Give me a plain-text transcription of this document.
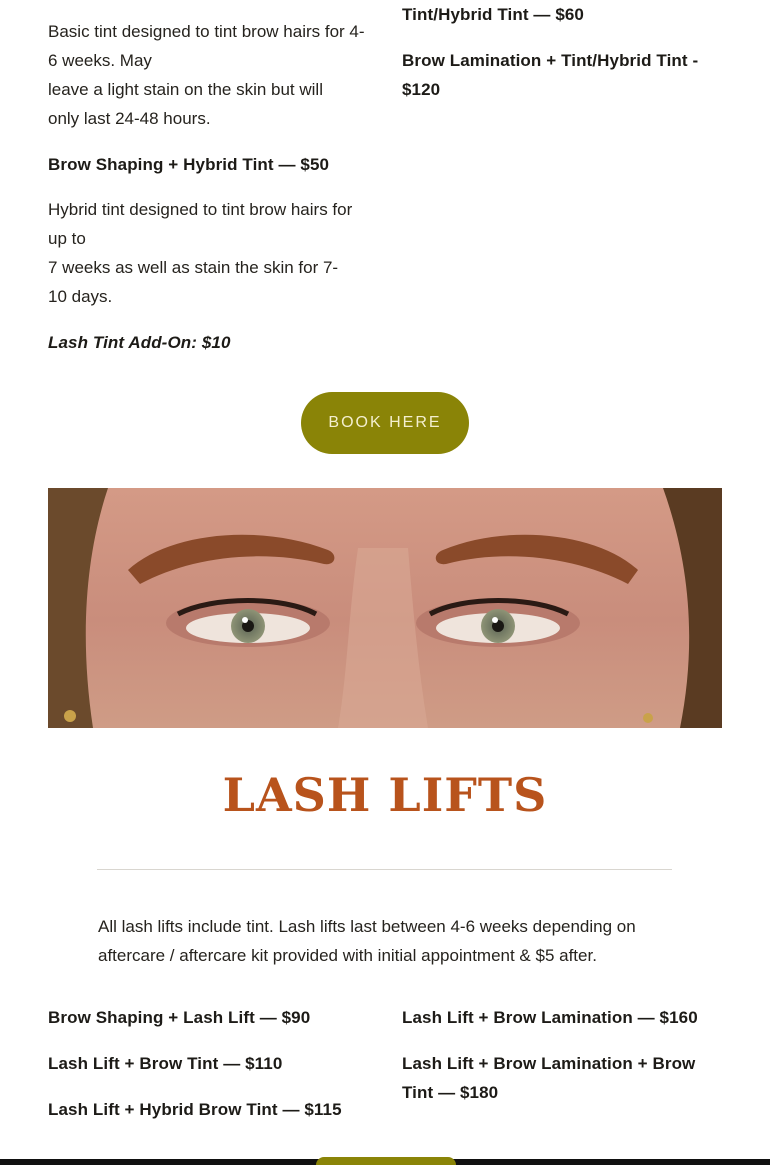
Basic tint designed to tint brow hairs for 4-6 weeks. May

leave a light stain on the skin but will only last 24-48 hours.

Brow Shaping + Hybrid Tint — $50

Hybrid tint designed to tint brow hairs for up to

7 weeks as well as stain the skin for 7-10 days.

Lash Tint Add-On: $10

Tint/Hybrid Tint — $60

Brow Lamination + Tint/Hybrid Tint - $120

BOOK HERE
LASH LIFTS

All lash lifts include tint. Lash lifts last between 4-6 weeks depending on aftercare / aftercare kit provided with initial appointment & $5 after.

Brow Shaping + Lash Lift — $90

Lash Lift + Brow Tint — $110

Lash Lift + Hybrid Brow Tint — $115

Lash Lift + Brow Lamination — $160

Lash Lift + Brow Lamination + Brow Tint — $180
